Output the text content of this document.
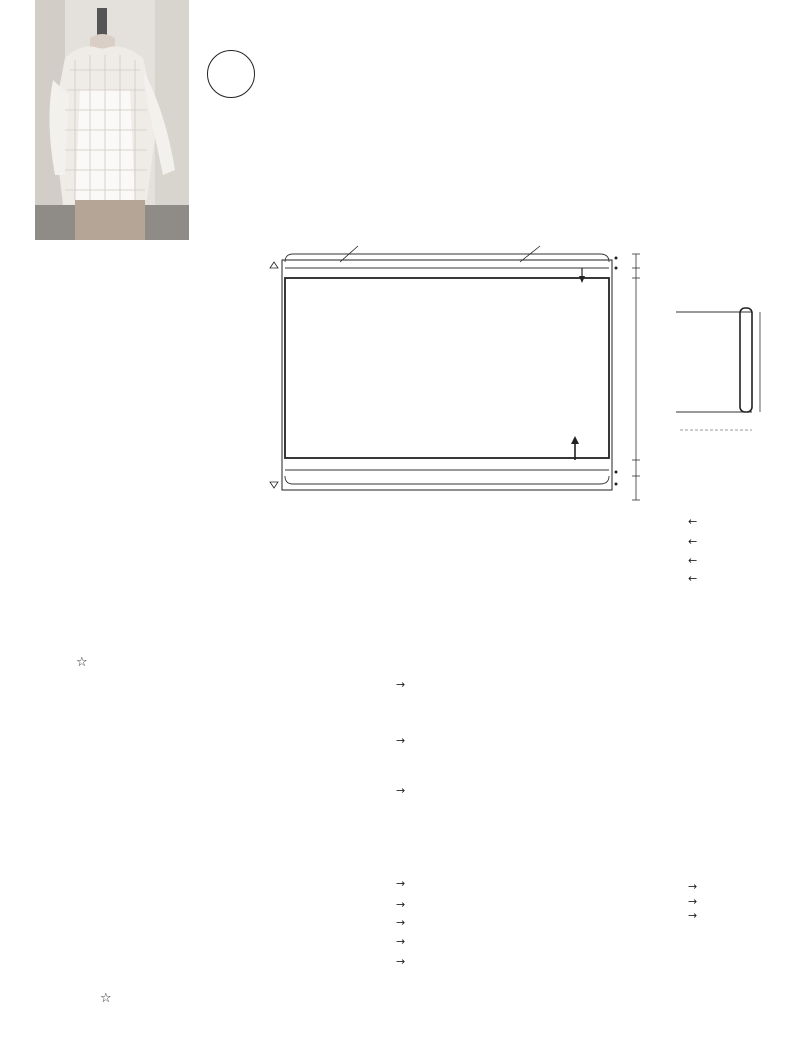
←
←
←
←
☆
☆
→
→
→
→
→
→
→
→
→
→
→
